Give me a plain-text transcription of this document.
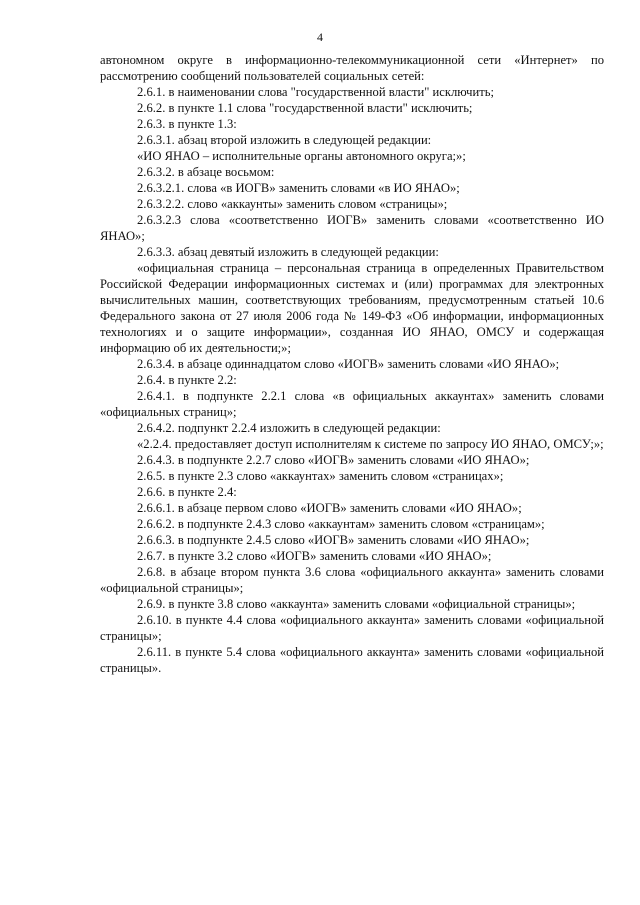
4

автономном округе в информационно-телекоммуникационной сети «Интернет» по рассмотрению сообщений пользователей социальных сетей:

2.6.1. в наименовании слова "государственной власти" исключить;

2.6.2. в пункте 1.1 слова "государственной власти" исключить;

2.6.3. в пункте 1.3:

2.6.3.1. абзац второй изложить в следующей редакции:

«ИО ЯНАО – исполнительные органы автономного округа;»;

2.6.3.2. в абзаце восьмом:

2.6.3.2.1. слова «в ИОГВ» заменить словами «в ИО ЯНАО»;

2.6.3.2.2. слово «аккаунты» заменить словом «страницы»;

2.6.3.2.3 слова «соответственно ИОГВ» заменить словами «соответственно ИО ЯНАО»;

2.6.3.3. абзац девятый изложить в следующей редакции:

«официальная страница – персональная страница в определенных Правительством Российской Федерации информационных системах и (или) программах для электронных вычислительных машин, соответствующих требованиям, предусмотренным статьей 10.6 Федерального закона от 27 июля 2006 года № 149-ФЗ «Об информации, информационных технологиях и о защите информации», созданная ИО ЯНАО, ОМСУ и содержащая информацию об их деятельности;»;

2.6.3.4. в абзаце одиннадцатом слово «ИОГВ» заменить словами «ИО ЯНАО»;

2.6.4. в пункте 2.2:

2.6.4.1. в подпункте 2.2.1 слова «в официальных аккаунтах» заменить словами «официальных страниц»;

2.6.4.2. подпункт 2.2.4 изложить в следующей редакции:

«2.2.4. предоставляет доступ исполнителям к системе по запросу ИО ЯНАО, ОМСУ;»;

2.6.4.3. в подпункте 2.2.7 слово «ИОГВ» заменить словами «ИО ЯНАО»;

2.6.5. в пункте 2.3 слово «аккаунтах» заменить словом «страницах»;

2.6.6. в пункте 2.4:

2.6.6.1. в абзаце первом слово «ИОГВ» заменить словами «ИО ЯНАО»;

2.6.6.2. в подпункте 2.4.3 слово «аккаунтам» заменить словом «страницам»;

2.6.6.3. в подпункте 2.4.5 слово «ИОГВ» заменить словами «ИО ЯНАО»;

2.6.7. в пункте 3.2 слово «ИОГВ» заменить словами «ИО ЯНАО»;

2.6.8. в абзаце втором пункта 3.6 слова «официального аккаунта» заменить словами «официальной страницы»;

2.6.9. в пункте 3.8 слово «аккаунта» заменить словами «официальной страницы»;

2.6.10. в пункте 4.4 слова «официального аккаунта» заменить словами «официальной страницы»;

2.6.11. в пункте 5.4 слова «официального аккаунта» заменить словами «официальной страницы».
